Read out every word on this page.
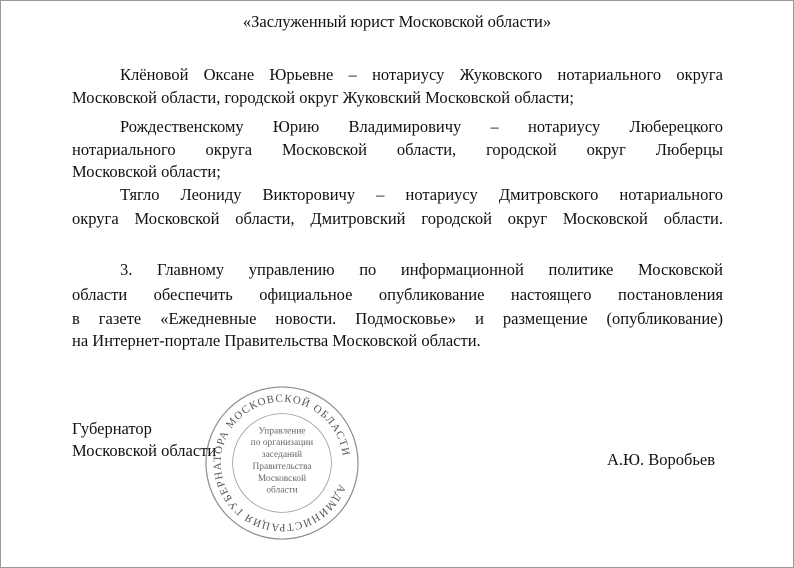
«Заслуженный юрист Московской области»
Клёновой Оксане Юрьевне – нотариусу Жуковского нотариального округа
Московской области, городской округ Жуковский Московской области;
Рождественскому Юрию Владимировичу – нотариусу Люберецкого
нотариального округа Московской области, городской округ Люберцы
Московской области;
Тягло Леониду Викторовичу – нотариусу Дмитровского нотариального
округа Московской области, Дмитровский городской округ Московской области.
3. Главному управлению по информационной политике Московской
области обеспечить официальное опубликование настоящего постановления
в газете «Ежедневные новости. Подмосковье» и размещение (опубликование)
на Интернет-портале Правительства Московской области.
АДМИНИСТРАЦИЯ ГУБЕРНАТОРА МОСКОВСКОЙ ОБЛАСТИ
Управление
по организации
заседаний
Правительства
Московской
области
Губернатор
Московской области	А.Ю. Воробьев
